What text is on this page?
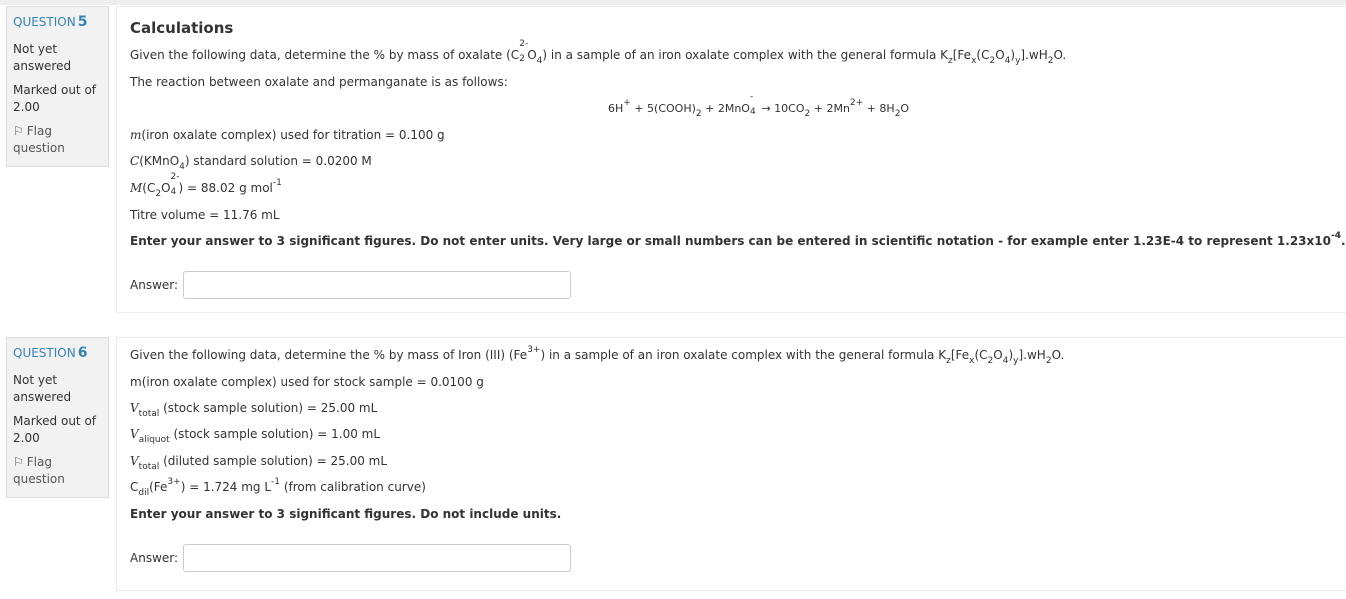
QUESTION 5
Not yet answered
Marked out of 2.00
⚐ Flag question
Calculations
Given the following data, determine the % by mass of oxalate (C
2-
2 $O_4$) in a sample of an iron oxalate complex with the general formula $K_z[Fe_x(C_2O_4)_y].wH_2O$.
The reaction between oxalate and permanganate is as follows:
$6H^+ + 5(COOH)_2 + 2MnO$
-
$4 \to 10CO_2 + 2Mn^{2+} + 8H_2O$
m(iron oxalate complex) used for titration = 0.100 g
C(KMnO$_4$) standard solution = 0.0200 M
$M(C_2O$
2-
4 ) = 88.02 g mol$^{-1}$
Titre volume = 11.76 mL
Enter your answer to 3 significant figures. Do not enter units. Very large or small numbers can be entered in scientific notation - for example enter 1.23E-4 to represent $1.23x10^{-4}$.
Answer:
QUESTION 6
Not yet answered
Marked out of 2.00
⚐ Flag question
Given the following data, determine the % by mass of Iron (III) $(Fe^{3+})$ in a sample of an iron oxalate complex with the general formula $K_z[Fe_x(C_2O_4)_y].wH_2O$.
m(iron oxalate complex) used for stock sample = 0.0100 g
$V_{total}$ (stock sample solution) = 25.00 mL
$V_{aliquot}$ (stock sample solution) = 1.00 mL
$V_{total}$ (diluted sample solution) = 25.00 mL
$C_{dil}(Fe^{3+}) = 1.724$ mg $L^{-1}$ (from calibration curve)
Enter your answer to 3 significant figures. Do not include units.
Answer:
